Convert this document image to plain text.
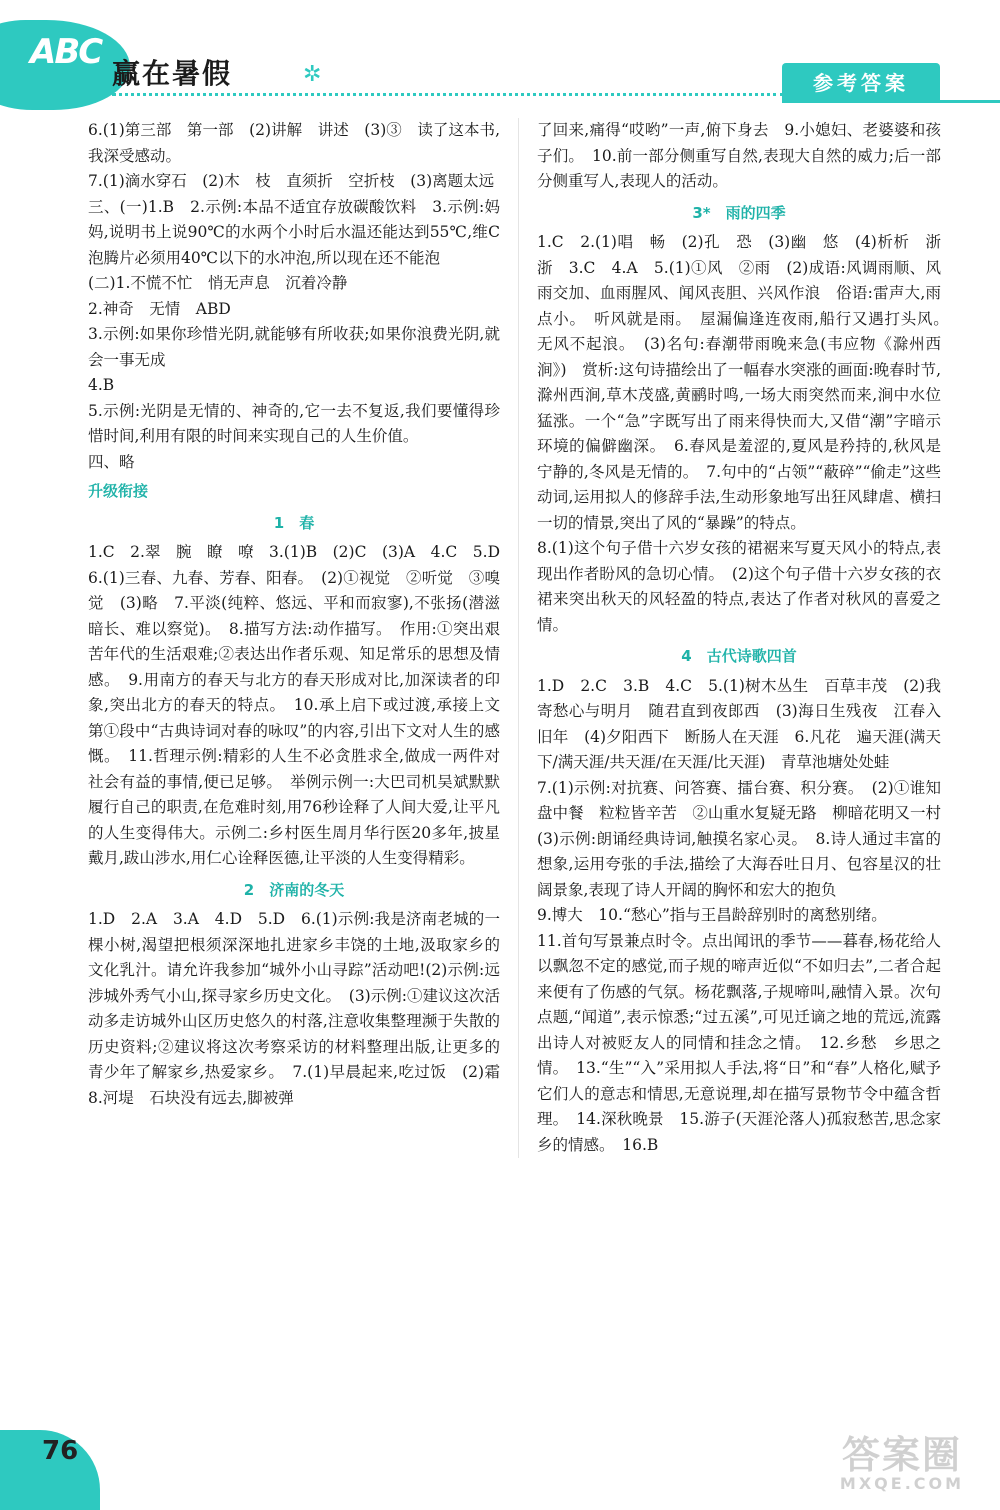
ABC
赢在暑假	✲	参考答案
6.(1)第三部　第一部　(2)讲解　讲述　(3)③　读了这本书,我深受感动。
7.(1)滴水穿石　(2)木　枝　直须折　空折枝　(3)离题太远
三、(一)1.B　2.示例:本品不适宜存放碳酸饮料　3.示例:妈妈,说明书上说90℃的水两个小时后水温还能达到55℃,维C泡腾片必须用40℃以下的水冲泡,所以现在还不能泡
(二)1.不慌不忙　悄无声息　沉着冷静
2.神奇　无情　ABD
3.示例:如果你珍惜光阴,就能够有所收获;如果你浪费光阴,就会一事无成
4.B
5.示例:光阴是无情的、神奇的,它一去不复返,我们要懂得珍惜时间,利用有限的时间来实现自己的人生价值。
四、略
升级衔接
1　春
1.C　2.翠　腕　瞭　嘹　3.(1)B　(2)C　(3)A　4.C　5.D　6.(1)三春、九春、芳春、阳春。　(2)①视觉　②听觉　③嗅觉　(3)略　7.平淡(纯粹、悠远、平和而寂寥),不张扬(潜滋暗长、难以察觉)。　8.描写方法:动作描写。　作用:①突出艰苦年代的生活艰难;②表达出作者乐观、知足常乐的思想及情感。　9.用南方的春天与北方的春天形成对比,加深读者的印象,突出北方的春天的特点。　10.承上启下或过渡,承接上文第①段中“古典诗词对春的咏叹”的内容,引出下文对人生的感慨。　11.哲理示例:精彩的人生不必贪胜求全,做成一两件对社会有益的事情,便已足够。　举例示例一:大巴司机吴斌默默履行自己的职责,在危难时刻,用76秒诠释了人间大爱,让平凡的人生变得伟大。示例二:乡村医生周月华行医20多年,披星戴月,跋山涉水,用仁心诠释医德,让平淡的人生变得精彩。
2　济南的冬天
1.D　2.A　3.A　4.D　5.D　6.(1)示例:我是济南老城的一棵小树,渴望把根须深深地扎进家乡丰饶的土地,汲取家乡的文化乳汁。请允许我参加“城外小山寻踪”活动吧!(2)示例:远涉城外秀气小山,探寻家乡历史文化。　(3)示例:①建议这次活动多走访城外山区历史悠久的村落,注意收集整理濒于失散的历史资料;②建议将这次考察采访的材料整理出版,让更多的青少年了解家乡,热爱家乡。　7.(1)早晨起来,吃过饭　(2)霜　8.河堤　石块没有远去,脚被弹
了回来,痛得“哎哟”一声,俯下身去　9.小媳妇、老婆婆和孩子们。　10.前一部分侧重写自然,表现大自然的威力;后一部分侧重写人,表现人的活动。
3*　雨的四季
1.C　2.(1)唱　畅　(2)孔　恐　(3)幽　悠　(4)析析　浙浙　3.C　4.A　5.(1)①风　②雨　(2)成语:风调雨顺、风雨交加、血雨腥风、闻风丧胆、兴风作浪　俗语:雷声大,雨点小。　听风就是雨。　屋漏偏逢连夜雨,船行又遇打头风。　无风不起浪。　(3)名句:春潮带雨晚来急(韦应物《滁州西涧》)　赏析:这句诗描绘出了一幅春水突涨的画面:晚春时节,滁州西涧,草木茂盛,黄鹂时鸣,一场大雨突然而来,涧中水位猛涨。一个“急”字既写出了雨来得快而大,又借“潮”字暗示环境的偏僻幽深。　6.春风是羞涩的,夏风是矜持的,秋风是宁静的,冬风是无情的。　7.句中的“占领”“蔽碎”“偷走”这些动词,运用拟人的修辞手法,生动形象地写出狂风肆虐、横扫一切的情景,突出了风的“暴躁”的特点。
8.(1)这个句子借十六岁女孩的裙裾来写夏天风小的特点,表现出作者盼风的急切心情。　(2)这个句子借十六岁女孩的衣裙来突出秋天的风轻盈的特点,表达了作者对秋风的喜爱之情。
4　古代诗歌四首
1.D　2.C　3.B　4.C　5.(1)树木丛生　百草丰茂　(2)我寄愁心与明月　随君直到夜郎西　(3)海日生残夜　江春入旧年　(4)夕阳西下　断肠人在天涯　6.凡花　遍天涯(满天下/满天涯/共天涯/在天涯/比天涯)　青草池塘处处蛙
7.(1)示例:对抗赛、问答赛、擂台赛、积分赛。　(2)①谁知盘中餐　粒粒皆辛苦　②山重水复疑无路　柳暗花明又一村　(3)示例:朗诵经典诗词,触摸名家心灵。　8.诗人通过丰富的想象,运用夸张的手法,描绘了大海吞吐日月、包容星汉的壮阔景象,表现了诗人开阔的胸怀和宏大的抱负
9.博大　10.“愁心”指与王昌龄辞别时的离愁别绪。
11.首句写景兼点时令。点出闻讯的季节——暮春,杨花给人以飘忽不定的感觉,而子规的啼声近似“不如归去”,二者合起来便有了伤感的气氛。杨花飘落,子规啼叫,融情入景。次句点题,“闻道”,表示惊悉;“过五溪”,可见迁谪之地的荒远,流露出诗人对被贬友人的同情和挂念之情。　12.乡愁　乡思之情。　13.“生”“入”采用拟人手法,将“日”和“春”人格化,赋予它们人的意志和情思,无意说理,却在描写景物节令中蕴含哲理。　14.深秋晚景　15.游子(天涯沦落人)孤寂愁苦,思念家乡的情感。　16.B
76	答案圈
MXQE.COM
